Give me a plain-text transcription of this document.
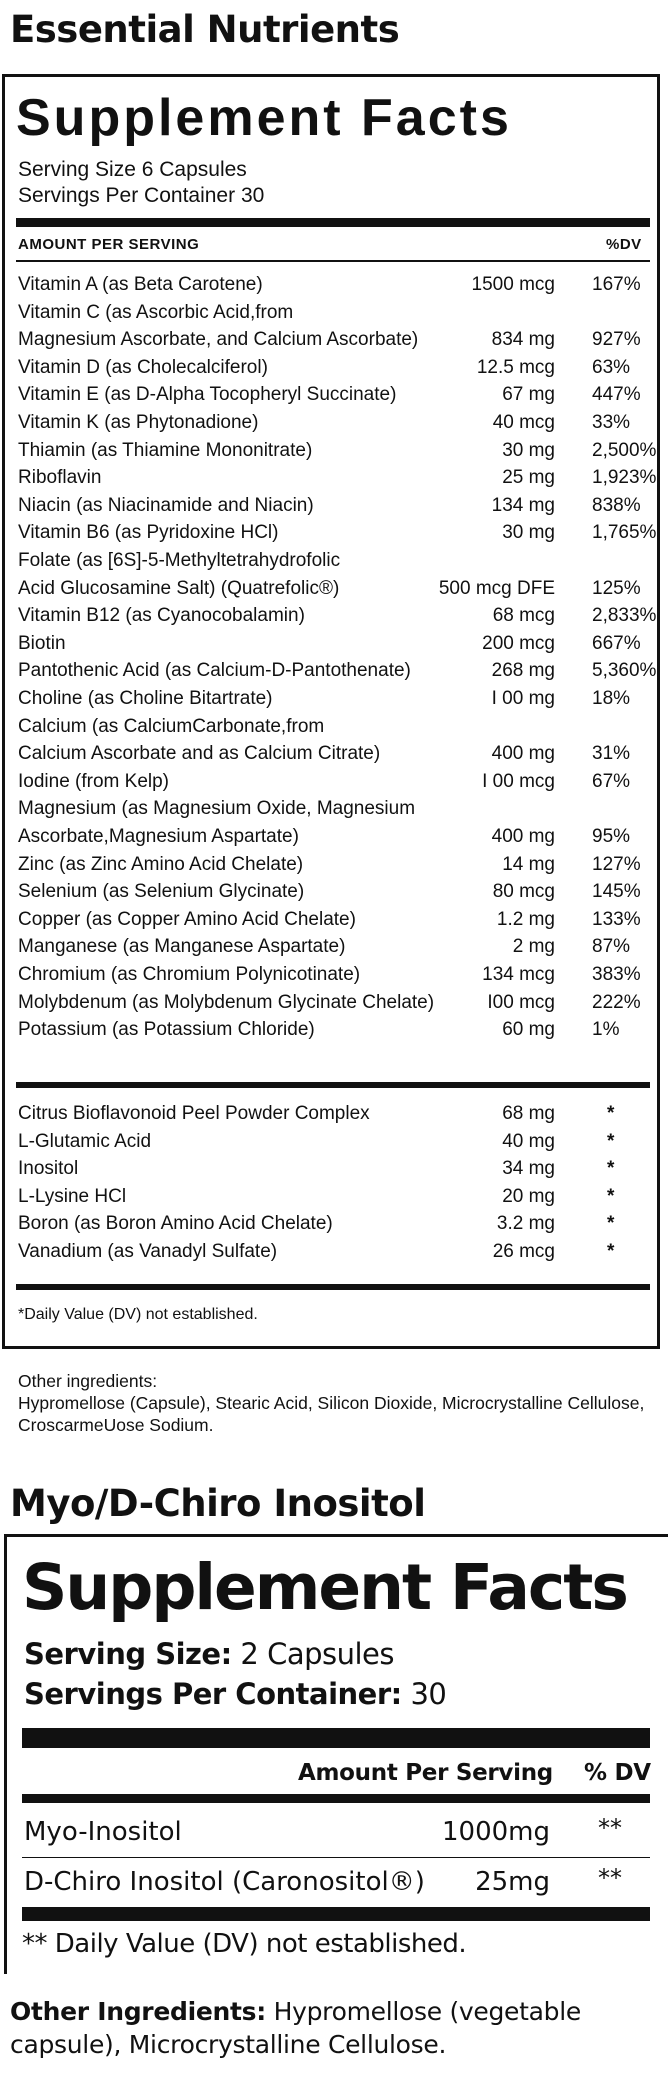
Essential Nutrients
Supplement Facts
Serving Size 6 Capsules
Servings Per Container 30
AMOUNT PER SERVING	%DV
Vitamin A (as Beta Carotene)	1500 mcg 167%
Vitamin C (as Ascorbic Acid,from
Magnesium Ascorbate, and Calcium Ascorbate)	834 mg 927%
Vitamin D (as Cholecalciferol)	12.5 mcg 63%
Vitamin E (as D-Alpha Tocopheryl Succinate)	67 mg 447%
Vitamin K (as Phytonadione)	40 mcg 33%
Thiamin (as Thiamine Mononitrate)	30 mg 2,500%
Riboflavin	25 mg 1,923%
Niacin (as Niacinamide and Niacin)	134 mg 838%
Vitamin B6 (as Pyridoxine HCl)	30 mg 1,765%
Folate (as [6S]-5-Methyltetrahydrofolic
Acid Glucosamine Salt) (Quatrefolic®)	500 mcg DFE 125%
Vitamin B12 (as Cyanocobalamin)	68 mcg 2,833%
Biotin	200 mcg 667%
Pantothenic Acid (as Calcium-D-Pantothenate)	268 mg 5,360%
Choline (as Choline Bitartrate)	I 00 mg 18%
Calcium (as CalciumCarbonate,from
Calcium Ascorbate and as Calcium Citrate)	400 mg 31%
Iodine (from Kelp)	I 00 mcg 67%
Magnesium (as Magnesium Oxide, Magnesium
Ascorbate,Magnesium Aspartate)	400 mg 95%
Zinc (as Zinc Amino Acid Chelate)	14 mg 127%
Selenium (as Selenium Glycinate)	80 mcg 145%
Copper (as Copper Amino Acid Chelate)	1.2 mg 133%
Manganese (as Manganese Aspartate)	2 mg 87%
Chromium (as Chromium Polynicotinate)	134 mcg 383%
Molybdenum (as Molybdenum Glycinate Chelate)	I00 mcg 222%
Potassium (as Potassium Chloride)	60 mg 1%
Citrus Bioflavonoid Peel Powder Complex	68 mg	*
L-Glutamic Acid	40 mg	*
Inositol	34 mg	*
L-Lysine HCl	20 mg	*
Boron (as Boron Amino Acid Chelate)	3.2 mg	*
Vanadium (as Vanadyl Sulfate)	26 mcg	*
*Daily Value (DV) not established.
Other ingredients:
Hypromellose (Capsule), Stearic Acid, Silicon Dioxide, Microcrystalline Cellulose, CroscarmeUose Sodium.
Myo/D-Chiro Inositol
Supplement Facts
Serving Size: 2 Capsules
Servings Per Container: 30
Amount Per Serving % DV
Myo-Inositol	1000mg **
D-Chiro Inositol (Caronositol®) 25mg **
** Daily Value (DV) not established.
Other Ingredients: Hypromellose (vegetable capsule), Microcrystalline Cellulose.
